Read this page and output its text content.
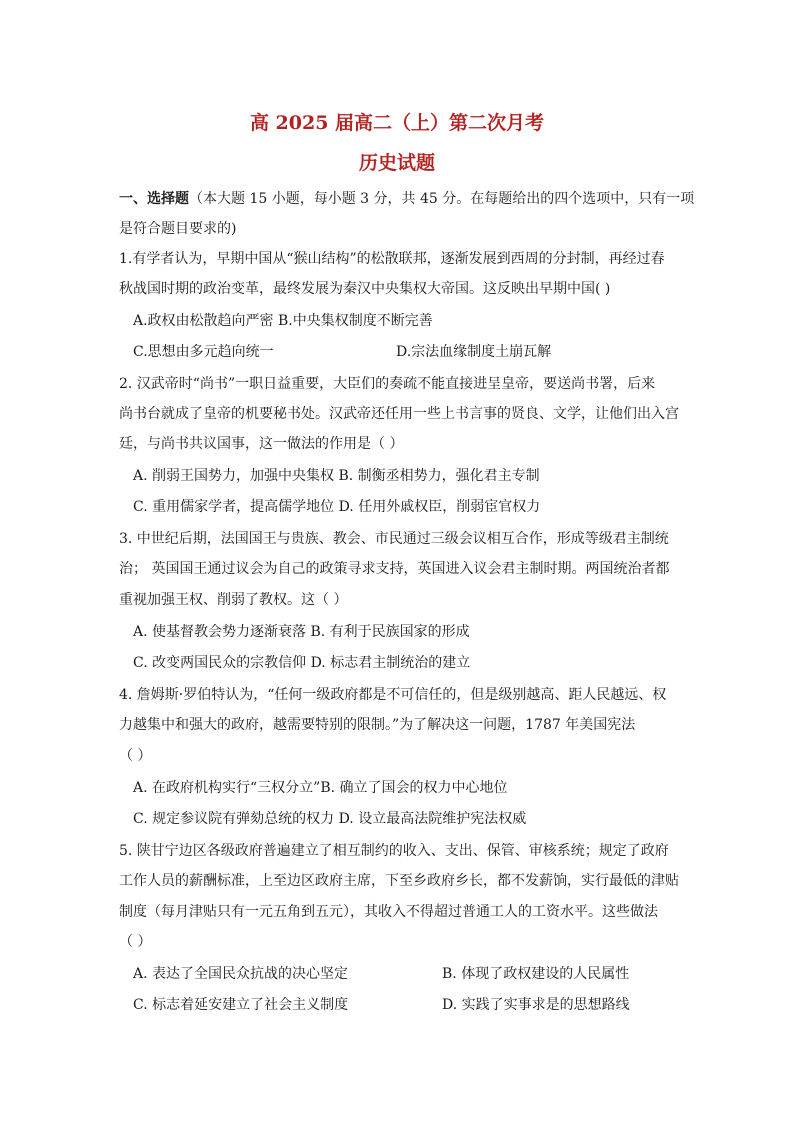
高 2025 届高二（上）第二次月考
历史试题
一、选择题（本大题 15 小题，每小题 3 分，共 45 分。在每题给出的四个选项中，只有一项
是符合题目要求的)
1.有学者认为，早期中国从“猴山结构”的松散联邦，逐渐发展到西周的分封制，再经过春
秋战国时期的政治变革，最终发展为秦汉中央集权大帝国。这反映出早期中国( )
A.政权由松散趋向严密 B.中央集权制度不断完善
C.思想由多元趋向统一	D.宗法血缘制度土崩瓦解
2. 汉武帝时“尚书”一职日益重要，大臣们的奏疏不能直接进呈皇帝，要送尚书署，后来
尚书台就成了皇帝的机要秘书处。汉武帝还任用一些上书言事的贤良、文学，让他们出入宫
廷，与尚书共议国事，这一做法的作用是（ ）
A. 削弱王国势力，加强中央集权 B. 制衡丞相势力，强化君主专制
C. 重用儒家学者，提高儒学地位 D. 任用外戚权臣，削弱宦官权力
3. 中世纪后期，法国国王与贵族、教会、市民通过三级会议相互合作，形成等级君主制统
治； 英国国王通过议会为自己的政策寻求支持，英国进入议会君主制时期。两国统治者都
重视加强王权、削弱了教权。这（ ）
A. 使基督教会势力逐渐衰落 B. 有利于民族国家的形成
C. 改变两国民众的宗教信仰 D. 标志君主制统治的建立
4. 詹姆斯·罗伯特认为，“任何一级政府都是不可信任的，但是级别越高、距人民越远、权
力越集中和强大的政府，越需要特别的限制。”为了解决这一问题，1787 年美国宪法
（ ）
A. 在政府机构实行“三权分立”B. 确立了国会的权力中心地位
C. 规定参议院有弹劾总统的权力 D. 设立最高法院维护宪法权威
5. 陕甘宁边区各级政府普遍建立了相互制约的收入、支出、保管、审核系统；规定了政府
工作人员的薪酬标准，上至边区政府主席，下至乡政府乡长，都不发薪饷，实行最低的津贴
制度（每月津贴只有一元五角到五元），其收入不得超过普通工人的工资水平。这些做法
（ ）
A. 表达了全国民众抗战的决心坚定	B. 体现了政权建设的人民属性
C. 标志着延安建立了社会主义制度	D. 实践了实事求是的思想路线
